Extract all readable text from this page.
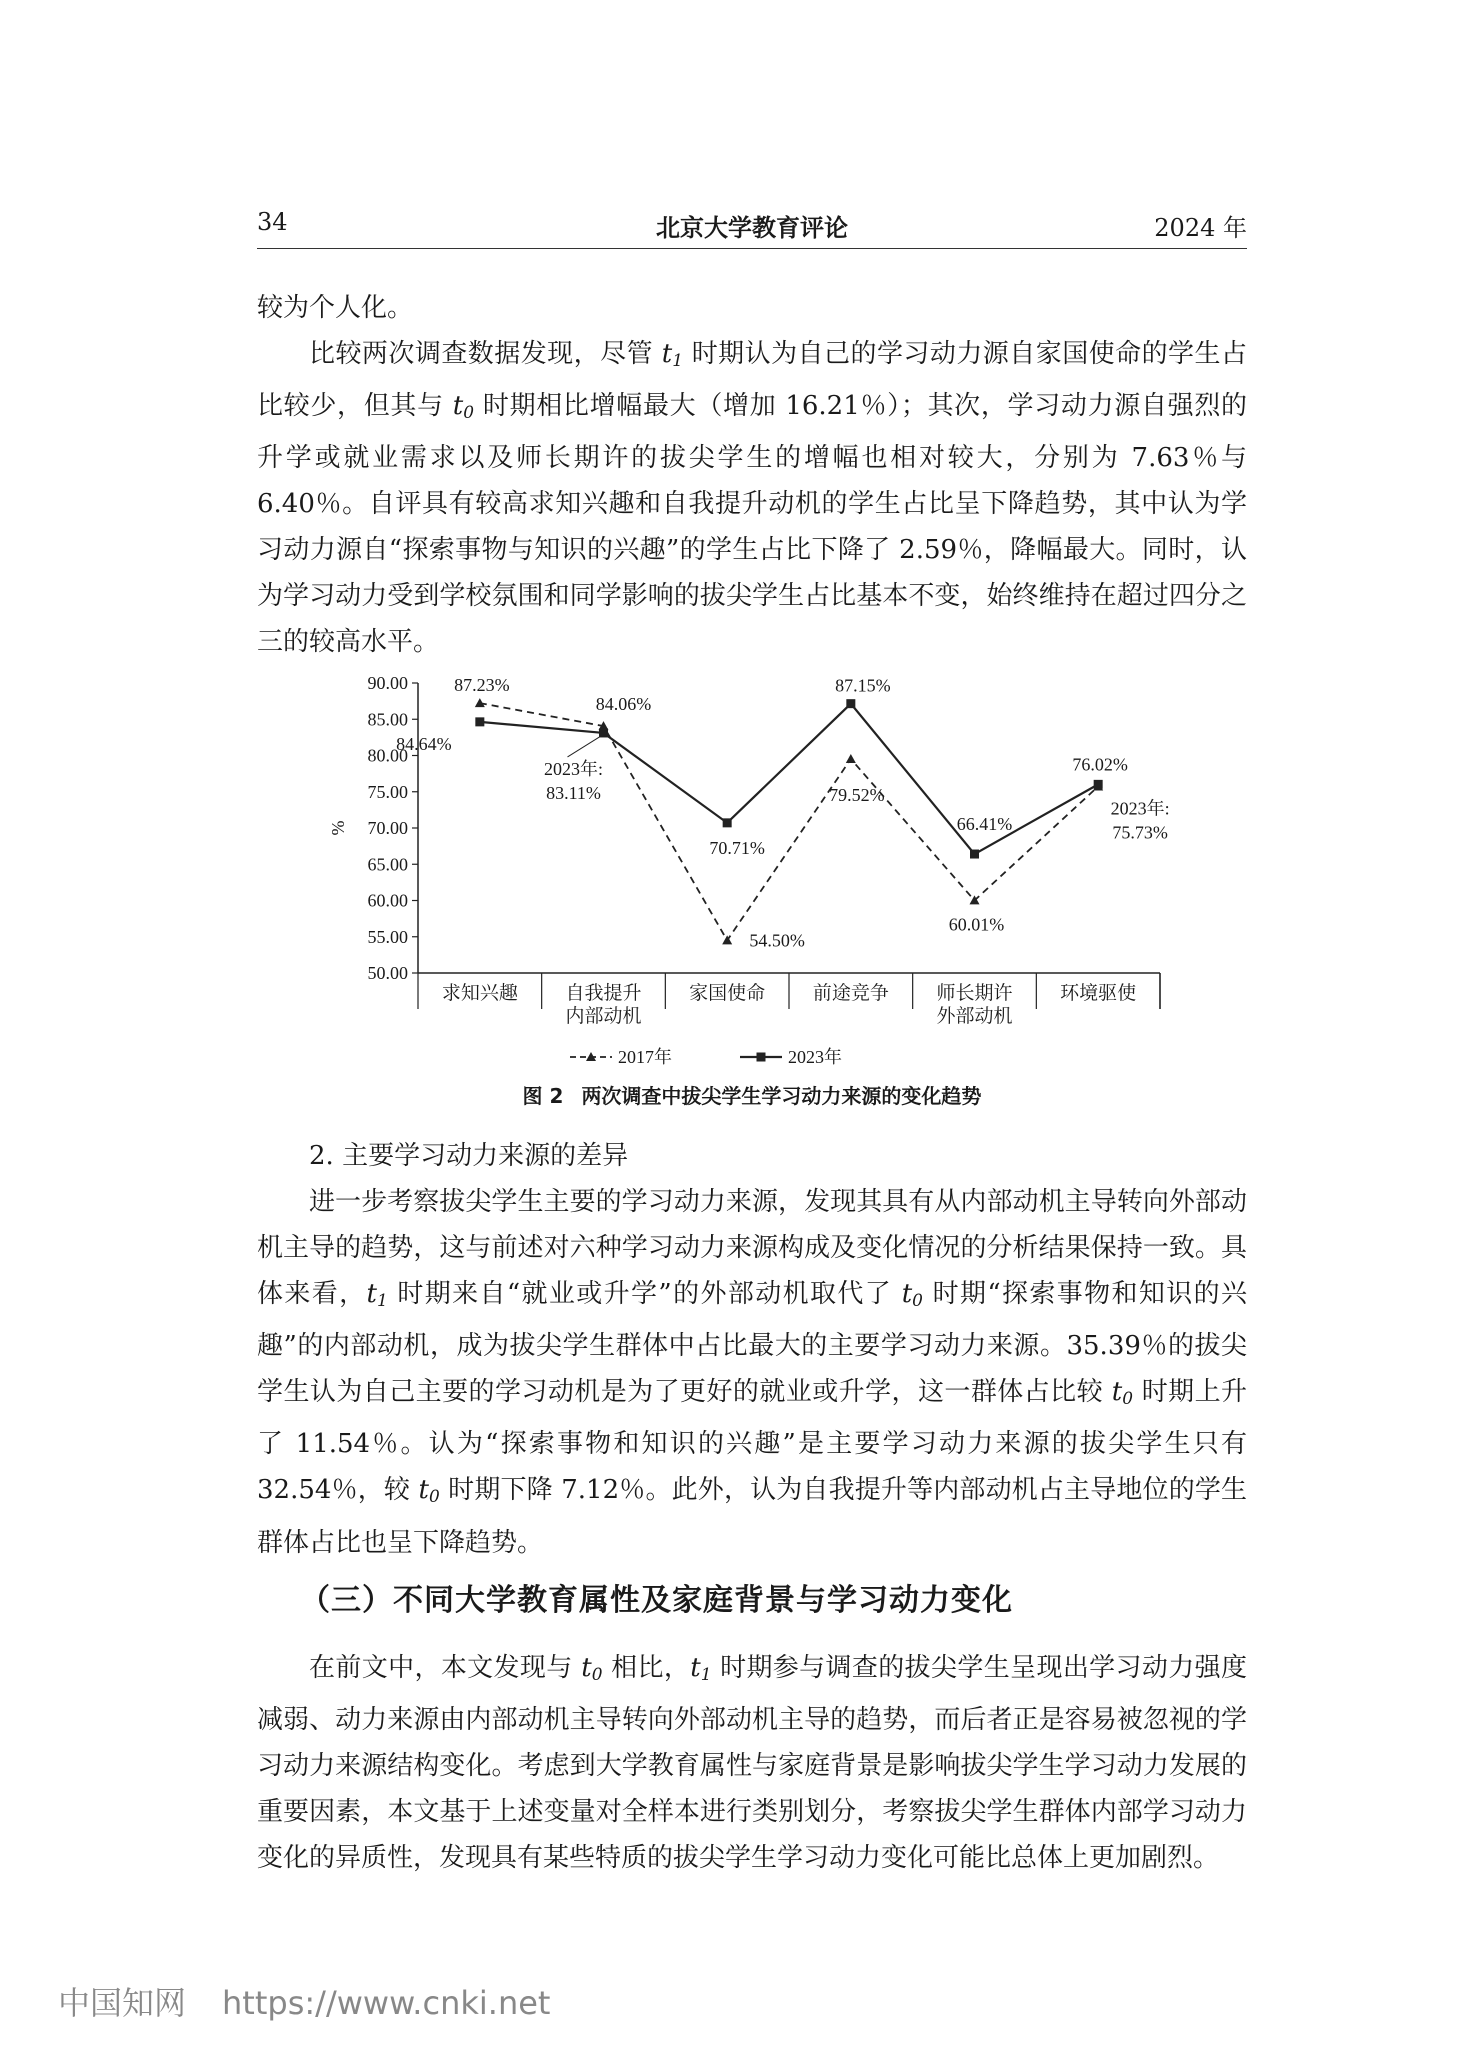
34	北京大学教育评论	2024 年

较为个人化。

比较两次调查数据发现，尽管 $t_1$ 时期认为自己的学习动力源自家国使命的学生占比较少，但其与 $t_0$ 时期相比增幅最大（增加 16.21％）；其次，学习动力源自强烈的升学或就业需求以及师长期许的拔尖学生的增幅也相对较大，分别为 7.63％与 6.40％。自评具有较高求知兴趣和自我提升动机的学生占比呈下降趋势，其中认为学习动力源自“探索事物与知识的兴趣”的学生占比下降了 2.59％，降幅最大。同时，认为学习动力受到学校氛围和同学影响的拔尖学生占比基本不变，始终维持在超过四分之三的较高水平。

90.00
85.00
80.00
75.00
70.00
65.00
60.00
55.00
50.00
%
求知兴趣	自我提升
内部动机
家国使命	前途竞争	师长期许
外部动机
环境驱使
87.23%
84.06%
84.64%
2023年:
83.11%
70.71%
54.50%
87.15%
79.52%
66.41%
60.01%
76.02%
2023年:
75.73%
2017年	2023年
图 2 两次调查中拔尖学生学习动力来源的变化趋势

2. 主要学习动力来源的差异

进一步考察拔尖学生主要的学习动力来源，发现其具有从内部动机主导转向外部动机主导的趋势，这与前述对六种学习动力来源构成及变化情况的分析结果保持一致。具体来看，$t_1$ 时期来自“就业或升学”的外部动机取代了 $t_0$ 时期“探索事物和知识的兴趣”的内部动机，成为拔尖学生群体中占比最大的主要学习动力来源。35.39％的拔尖学生认为自己主要的学习动机是为了更好的就业或升学，这一群体占比较 $t_0$ 时期上升了 11.54％。认为“探索事物和知识的兴趣”是主要学习动力来源的拔尖学生只有 32.54％，较 $t_0$ 时期下降 7.12％。此外，认为自我提升等内部动机占主导地位的学生群体占比也呈下降趋势。

（三）不同大学教育属性及家庭背景与学习动力变化

在前文中，本文发现与 $t_0$ 相比，$t_1$ 时期参与调查的拔尖学生呈现出学习动力强度减弱、动力来源由内部动机主导转向外部动机主导的趋势，而后者正是容易被忽视的学习动力来源结构变化。考虑到大学教育属性与家庭背景是影响拔尖学生学习动力发展的重要因素，本文基于上述变量对全样本进行类别划分，考察拔尖学生群体内部学习动力变化的异质性，发现具有某些特质的拔尖学生学习动力变化可能比总体上更加剧烈。

中国知网 https://www.cnki.net
